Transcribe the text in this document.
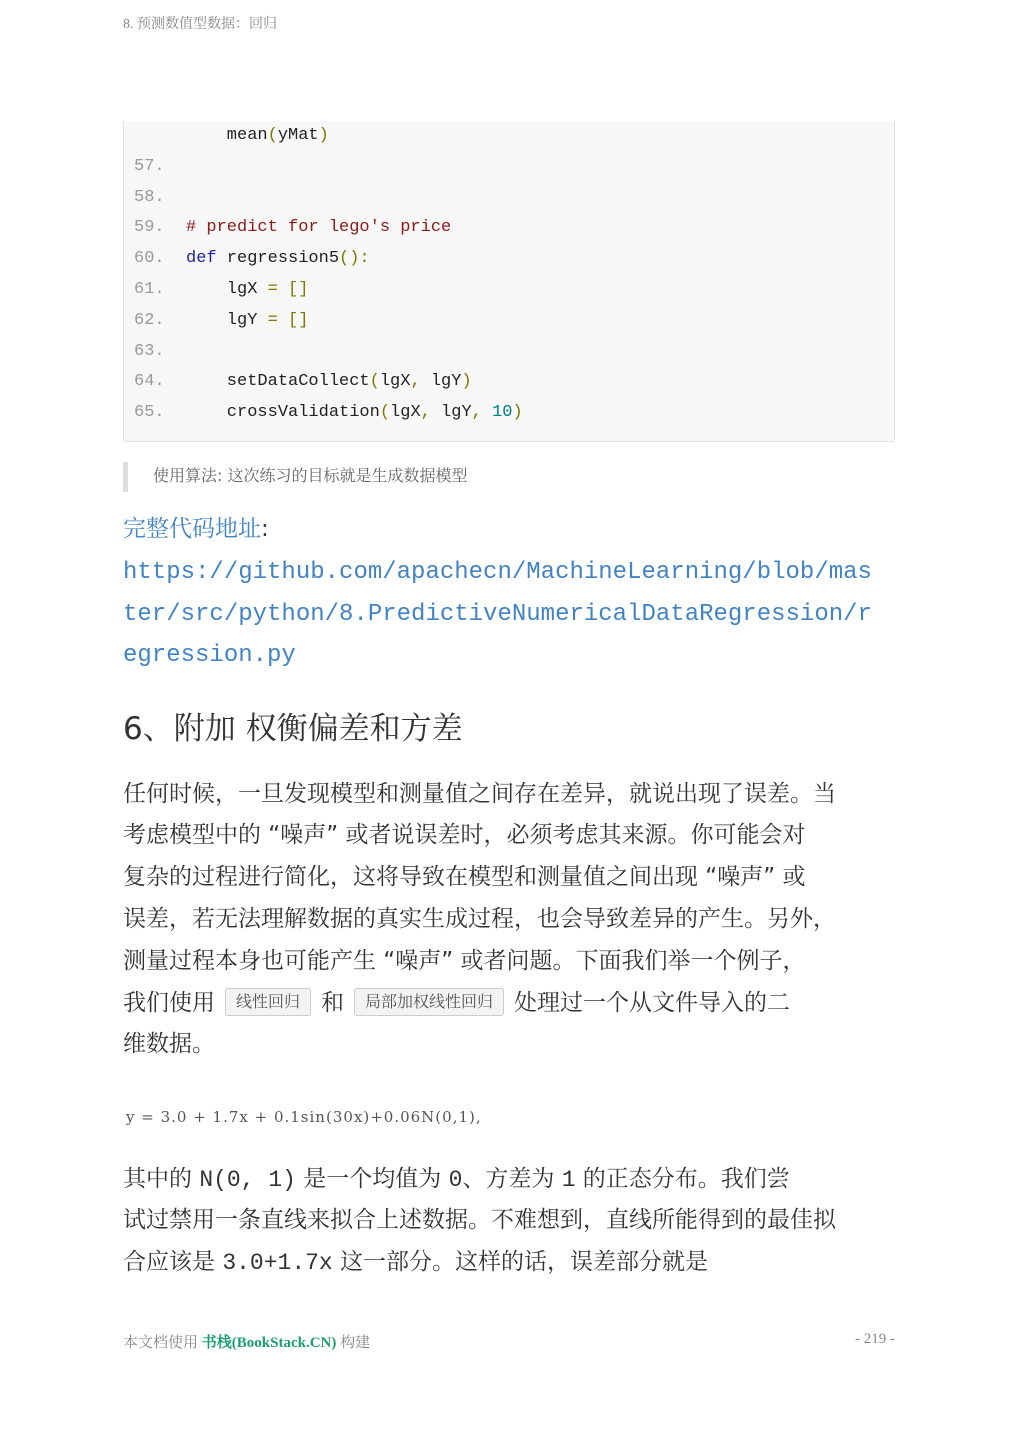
8. 预测数值型数据：回归
mean(yMat)
57.
58.
59.	# predict for lego's price
60.	def regression5():
61.	lgX = []
62.	lgY = []
63.
64.	setDataCollect(lgX, lgY)
65.	crossValidation(lgX, lgY, 10)
使用算法: 这次练习的目标就是生成数据模型
完整代码地址:
https://github.com/apachecn/MachineLearning/blob/mas
ter/src/python/8.PredictiveNumericalDataRegression/r
egression.py
6、附加 权衡偏差和方差
任何时候，一旦发现模型和测量值之间存在差异，就说出现了误差。当
考虑模型中的 “噪声” 或者说误差时，必须考虑其来源。你可能会对
复杂的过程进行简化，这将导致在模型和测量值之间出现 “噪声” 或
误差，若无法理解数据的真实生成过程，也会导致差异的产生。另外，
测量过程本身也可能产生 “噪声” 或者问题。下面我们举一个例子，
我们使用 线性回归 和 局部加权线性回归 处理过一个从文件导入的二
维数据。
y = 3.0 + 1.7x + 0.1sin(30x)+0.06N(0,1),
其中的 N(0, 1) 是一个均值为 0、方差为 1 的正态分布。我们尝
试过禁用一条直线来拟合上述数据。不难想到，直线所能得到的最佳拟
合应该是 3.0+1.7x 这一部分。这样的话，误差部分就是
本文档使用 书栈(BookStack.CN) 构建	- 219 -
